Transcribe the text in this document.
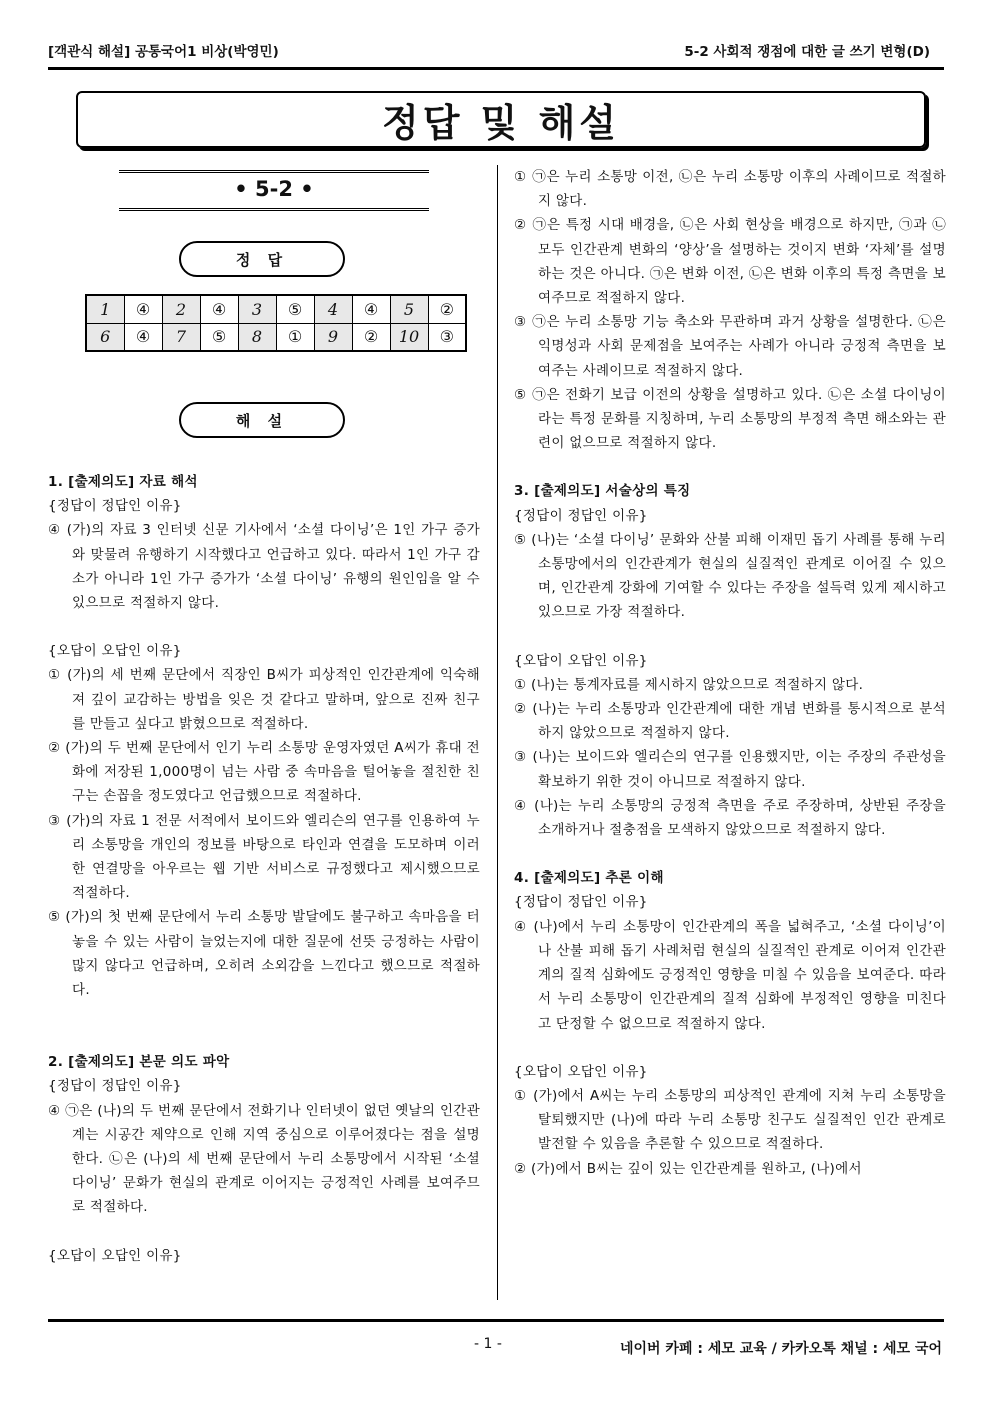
[객관식 해설] 공통국어1 비상(박영민)	5-2 사회적 쟁점에 대한 글 쓰기 변형(D)
정답 및 해설
• 5-2 •
정 답
1	④	2	④	3	⑤	4	④	5	②
6	④	7	⑤	8	①	9	②	10	③
해 설
1. [출제의도] 자료 해석
{정답이 정답인 이유}
④ (가)의 자료 3 인터넷 신문 기사에서 ‘소셜 다이닝’은 1인 가구 증가와 맞물려 유행하기 시작했다고 언급하고 있다. 따라서 1인 가구 감소가 아니라 1인 가구 증가가 ‘소셜 다이닝’ 유행의 원인임을 알 수 있으므로 적절하지 않다.
{오답이 오답인 이유}
① (가)의 세 번째 문단에서 직장인 B씨가 피상적인 인간관계에 익숙해져 깊이 교감하는 방법을 잊은 것 같다고 말하며, 앞으로 진짜 친구를 만들고 싶다고 밝혔으므로 적절하다.
② (가)의 두 번째 문단에서 인기 누리 소통망 운영자였던 A씨가 휴대 전화에 저장된 1,000명이 넘는 사람 중 속마음을 털어놓을 절친한 친구는 손꼽을 정도였다고 언급했으므로 적절하다.
③ (가)의 자료 1 전문 서적에서 보이드와 엘리슨의 연구를 인용하여 누리 소통망을 개인의 정보를 바탕으로 타인과 연결을 도모하며 이러한 연결망을 아우르는 웹 기반 서비스로 규정했다고 제시했으므로 적절하다.
⑤ (가)의 첫 번째 문단에서 누리 소통망 발달에도 불구하고 속마음을 터놓을 수 있는 사람이 늘었는지에 대한 질문에 선뜻 긍정하는 사람이 많지 않다고 언급하며, 오히려 소외감을 느낀다고 했으므로 적절하다.
2. [출제의도] 본문 의도 파악
{정답이 정답인 이유}
④ ㉠은 (나)의 두 번째 문단에서 전화기나 인터넷이 없던 옛날의 인간관계는 시공간 제약으로 인해 지역 중심으로 이루어졌다는 점을 설명한다. ㉡은 (나)의 세 번째 문단에서 누리 소통망에서 시작된 ‘소셜 다이닝’ 문화가 현실의 관계로 이어지는 긍정적인 사례를 보여주므로 적절하다.
{오답이 오답인 이유}
① ㉠은 누리 소통망 이전, ㉡은 누리 소통망 이후의 사례이므로 적절하지 않다.
② ㉠은 특정 시대 배경을, ㉡은 사회 현상을 배경으로 하지만, ㉠과 ㉡ 모두 인간관계 변화의 ‘양상’을 설명하는 것이지 변화 ‘자체’를 설명하는 것은 아니다. ㉠은 변화 이전, ㉡은 변화 이후의 특정 측면을 보여주므로 적절하지 않다.
③ ㉠은 누리 소통망 기능 축소와 무관하며 과거 상황을 설명한다. ㉡은 익명성과 사회 문제점을 보여주는 사례가 아니라 긍정적 측면을 보여주는 사례이므로 적절하지 않다.
⑤ ㉠은 전화기 보급 이전의 상황을 설명하고 있다. ㉡은 소셜 다이닝이라는 특정 문화를 지칭하며, 누리 소통망의 부정적 측면 해소와는 관련이 없으므로 적절하지 않다.
3. [출제의도] 서술상의 특징
{정답이 정답인 이유}
⑤ (나)는 ‘소셜 다이닝’ 문화와 산불 피해 이재민 돕기 사례를 통해 누리 소통망에서의 인간관계가 현실의 실질적인 관계로 이어질 수 있으며, 인간관계 강화에 기여할 수 있다는 주장을 설득력 있게 제시하고 있으므로 가장 적절하다.
{오답이 오답인 이유}
① (나)는 통계자료를 제시하지 않았으므로 적절하지 않다.
② (나)는 누리 소통망과 인간관계에 대한 개념 변화를 통시적으로 분석하지 않았으므로 적절하지 않다.
③ (나)는 보이드와 엘리슨의 연구를 인용했지만, 이는 주장의 주관성을 확보하기 위한 것이 아니므로 적절하지 않다.
④ (나)는 누리 소통망의 긍정적 측면을 주로 주장하며, 상반된 주장을 소개하거나 절충점을 모색하지 않았으므로 적절하지 않다.
4. [출제의도] 추론 이해
{정답이 정답인 이유}
④ (나)에서 누리 소통망이 인간관계의 폭을 넓혀주고, ‘소셜 다이닝’이나 산불 피해 돕기 사례처럼 현실의 실질적인 관계로 이어져 인간관계의 질적 심화에도 긍정적인 영향을 미칠 수 있음을 보여준다. 따라서 누리 소통망이 인간관계의 질적 심화에 부정적인 영향을 미친다고 단정할 수 없으므로 적절하지 않다.
{오답이 오답인 이유}
① (가)에서 A씨는 누리 소통망의 피상적인 관계에 지쳐 누리 소통망을 탈퇴했지만 (나)에 따라 누리 소통망 친구도 실질적인 인간 관계로 발전할 수 있음을 추론할 수 있으므로 적절하다.
② (가)에서 B씨는 깊이 있는 인간관계를 원하고, (나)에서
- 1 -	네이버 카페 : 세모 교육 / 카카오톡 채널 : 세모 국어
